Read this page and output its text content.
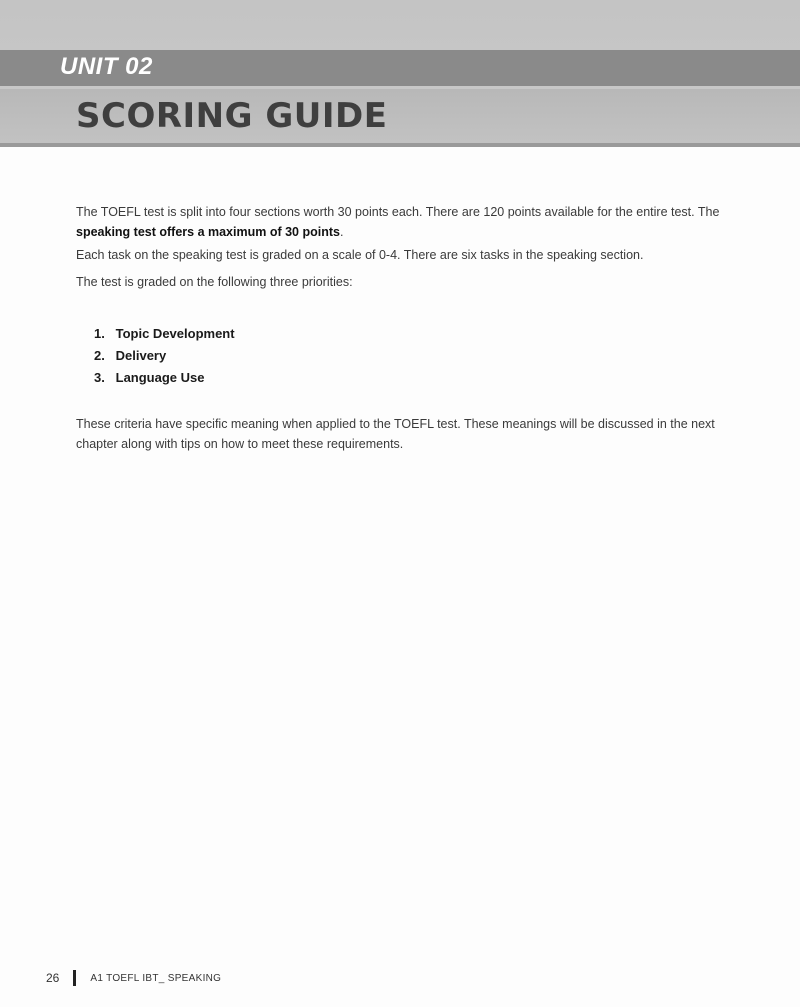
UNIT 02
SCORING GUIDE

The TOEFL test is split into four sections worth 30 points each. There are 120 points available for the entire test. The speaking test offers a maximum of 30 points.

Each task on the speaking test is graded on a scale of 0-4. There are six tasks in the speaking section.

The test is graded on the following three priorities:

1. Topic Development
2. Delivery
3. Language Use

These criteria have specific meaning when applied to the TOEFL test. These meanings will be discussed in the next chapter along with tips on how to meet these requirements.

26	A1 TOEFL IBT_ SPEAKING
